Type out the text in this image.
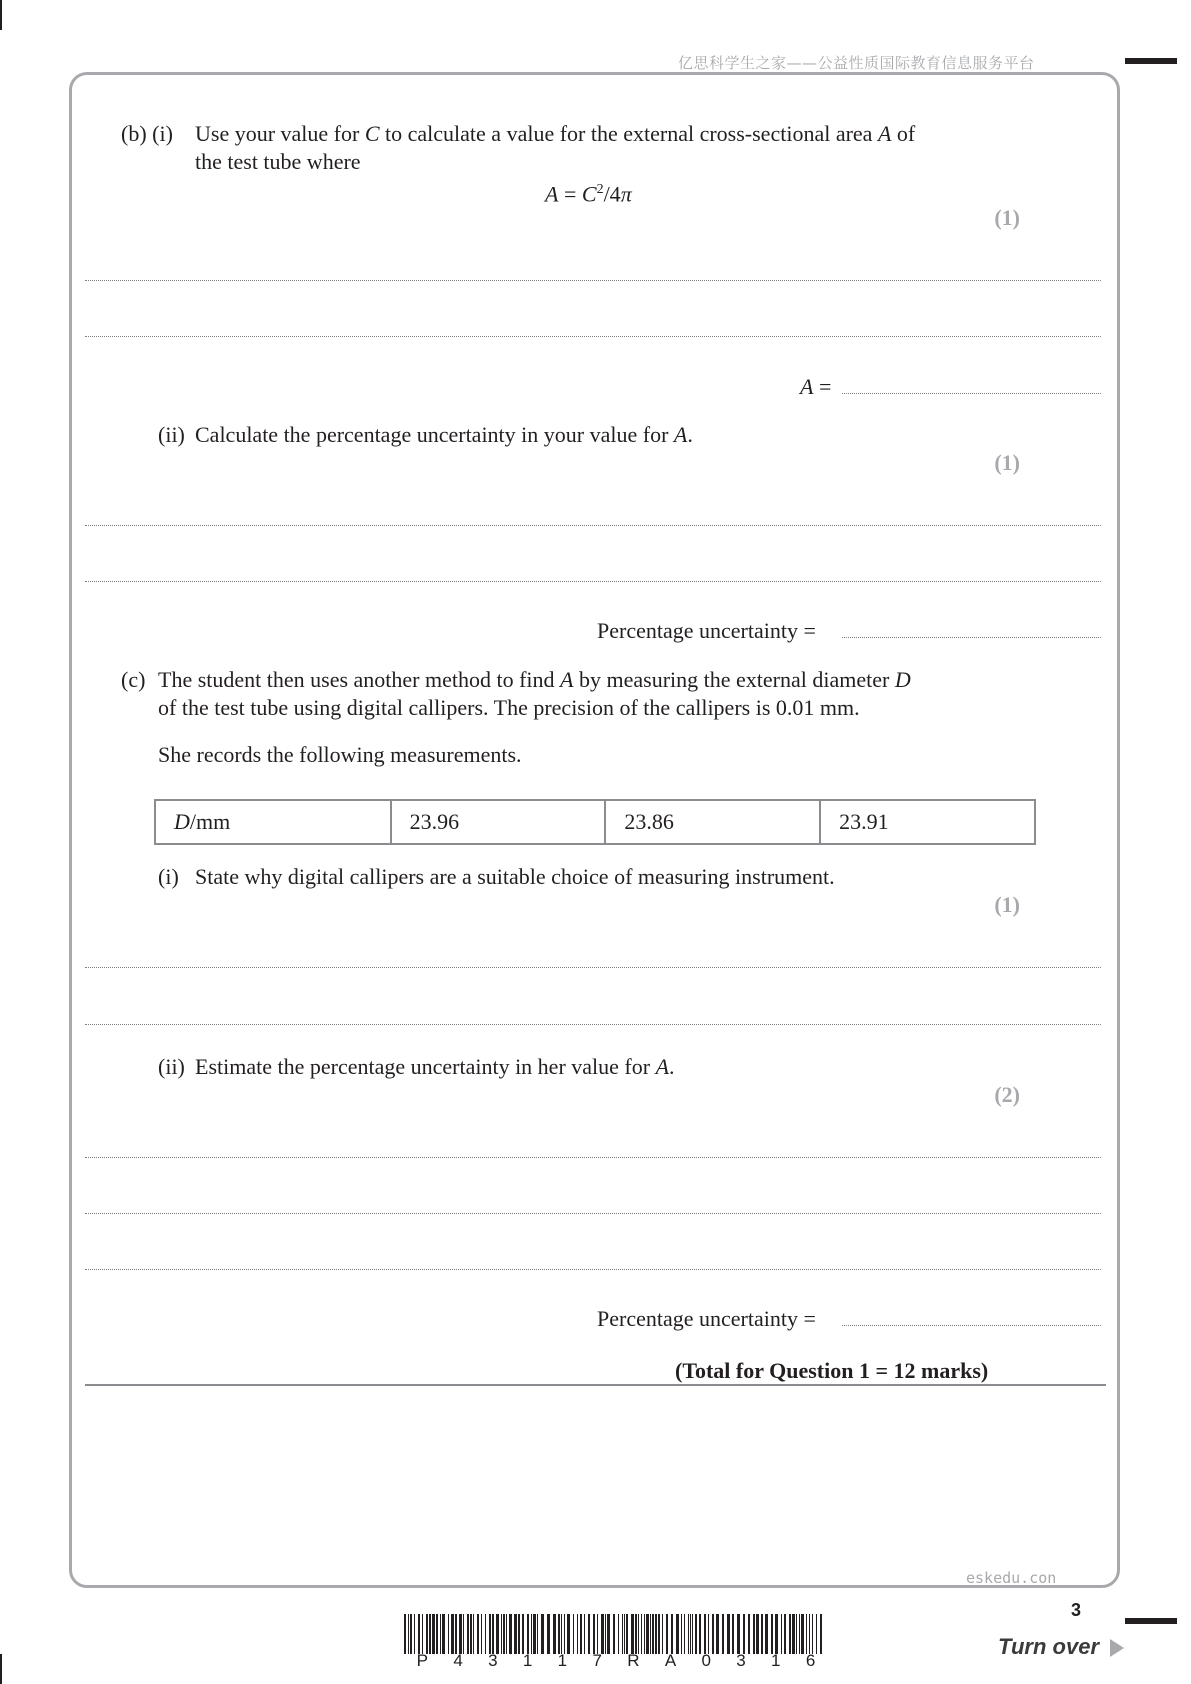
亿思科学生之家——公益性质国际教育信息服务平台
(b) (i) Use your value for C to calculate a value for the external cross-sectional area A of
the test tube where
$A = C^2/4\pi$
(1)
A =
(ii) Calculate the percentage uncertainty in your value for A.
(1)
Percentage uncertainty =
(c) The student then uses another method to find A by measuring the external diameter D
of the test tube using digital callipers. The precision of the callipers is 0.01 mm.
She records the following measurements.
D/mm	23.96	23.86	23.91
(i) State why digital callipers are a suitable choice of measuring instrument.
(1)
(ii) Estimate the percentage uncertainty in her value for A.
(2)
Percentage uncertainty =
(Total for Question 1 = 12 marks)
eskedu.con
3
P 4 3 1 1 7 R A 0 3 1 6
Turn over
